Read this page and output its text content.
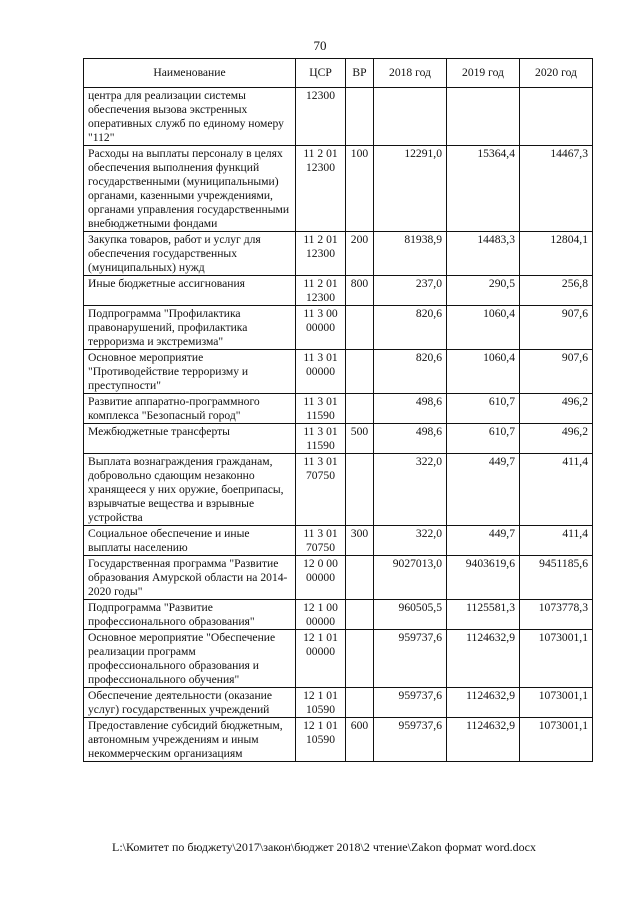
70
Наименование	ЦСР	ВР	2018 год	2019 год	2020 год
центра для реализации системы обеспечения вызова экстренных оперативных служб по единому номеру "112"	12300				
Расходы на выплаты персоналу в целях обеспечения выполнения функций государственными (муниципальными) органами, казенными учреждениями, органами управления государственными внебюджетными фондами	11 2 01 12300	100	12291,0	15364,4	14467,3
Закупка товаров, работ и услуг для обеспечения государственных (муниципальных) нужд	11 2 01 12300	200	81938,9	14483,3	12804,1
Иные бюджетные ассигнования	11 2 01 12300	800	237,0	290,5	256,8
Подпрограмма "Профилактика правонарушений, профилактика терроризма и экстремизма"	11 3 00 00000		820,6	1060,4	907,6
Основное мероприятие "Противодействие терроризму и преступности"	11 3 01 00000		820,6	1060,4	907,6
Развитие аппаратно-программного комплекса "Безопасный город"	11 3 01 11590		498,6	610,7	496,2
Межбюджетные трансферты	11 3 01 11590	500	498,6	610,7	496,2
Выплата вознаграждения гражданам, добровольно сдающим незаконно хранящееся у них оружие, боеприпасы, взрывчатые вещества и взрывные устройства	11 3 01 70750		322,0	449,7	411,4
Социальное обеспечение и иные выплаты населению	11 3 01 70750	300	322,0	449,7	411,4
Государственная программа "Развитие образования Амурской области на 2014-2020 годы"	12 0 00 00000		9027013,0	9403619,6	9451185,6
Подпрограмма "Развитие профессионального образования"	12 1 00 00000		960505,5	1125581,3	1073778,3
Основное мероприятие "Обеспечение реализации программ профессионального образования и профессионального обучения"	12 1 01 00000		959737,6	1124632,9	1073001,1
Обеспечение деятельности (оказание услуг) государственных учреждений	12 1 01 10590		959737,6	1124632,9	1073001,1
Предоставление субсидий бюджетным, автономным учреждениям и иным некоммерческим организациям	12 1 01 10590	600	959737,6	1124632,9	1073001,1
L:\Комитет по бюджету\2017\закон\бюджет 2018\2 чтение\Zakon формат word.docx
